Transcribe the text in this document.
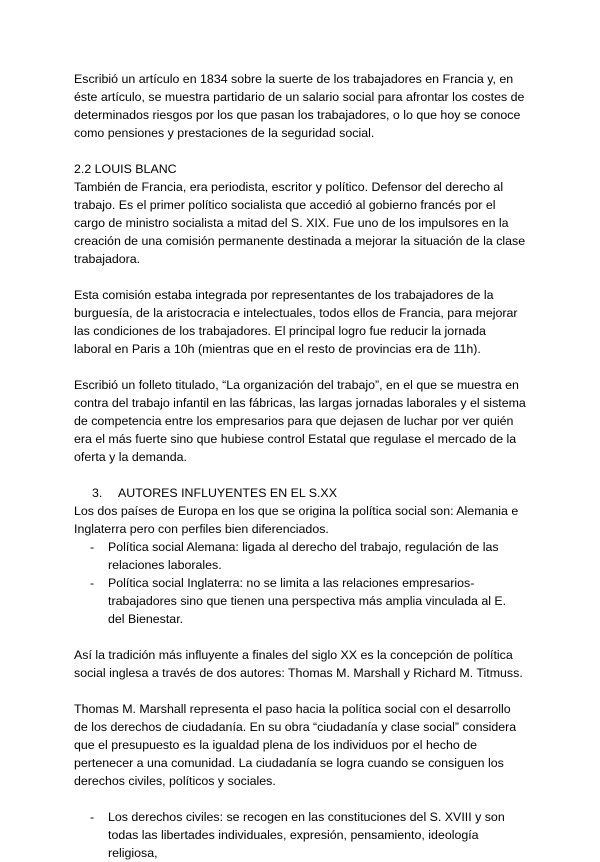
Escribió un artículo en 1834 sobre la suerte de los trabajadores en Francia y, en éste artículo, se muestra partidario de un salario social para afrontar los costes de determinados riesgos por los que pasan los trabajadores, o lo que hoy se conoce como pensiones y prestaciones de la seguridad social.

2.2 LOUIS BLANC

También de Francia, era periodista, escritor y político. Defensor del derecho al trabajo. Es el primer político socialista que accedió al gobierno francés por el cargo de ministro socialista a mitad del S. XIX. Fue uno de los impulsores en la creación de una comisión permanente destinada a mejorar la situación de la clase trabajadora.

Esta comisión estaba integrada por representantes de los trabajadores de la burguesía, de la aristocracia e intelectuales, todos ellos de Francia, para mejorar las condiciones de los trabajadores. El principal logro fue reducir la jornada laboral en Paris a 10h (mientras que en el resto de provincias era de 11h).

Escribió un folleto titulado, “La organización del trabajo”, en el que se muestra en contra del trabajo infantil en las fábricas, las largas jornadas laborales y el sistema de competencia entre los empresarios para que dejasen de luchar por ver quién era el más fuerte sino que hubiese control Estatal que regulase el mercado de la oferta y la demanda.

3. AUTORES INFLUYENTES EN EL S.XX

Los dos países de Europa en los que se origina la política social son: Alemania e Inglaterra pero con perfiles bien diferenciados.

- Política social Alemana: ligada al derecho del trabajo, regulación de las relaciones laborales.
- Política social Inglaterra: no se limita a las relaciones empresarios-trabajadores sino que tienen una perspectiva más amplia vinculada al E. del Bienestar.

Así la tradición más influyente a finales del siglo XX es la concepción de política social inglesa a través de dos autores: Thomas M. Marshall y Richard M. Titmuss.

Thomas M. Marshall representa el paso hacia la política social con el desarrollo de los derechos de ciudadanía. En su obra “ciudadanía y clase social” considera que el presupuesto es la igualdad plena de los individuos por el hecho de pertenecer a una comunidad. La ciudadanía se logra cuando se consiguen los derechos civiles, políticos y sociales.

- Los derechos civiles: se recogen en las constituciones del S. XVIII y son todas las libertades individuales, expresión, pensamiento, ideología religiosa,
